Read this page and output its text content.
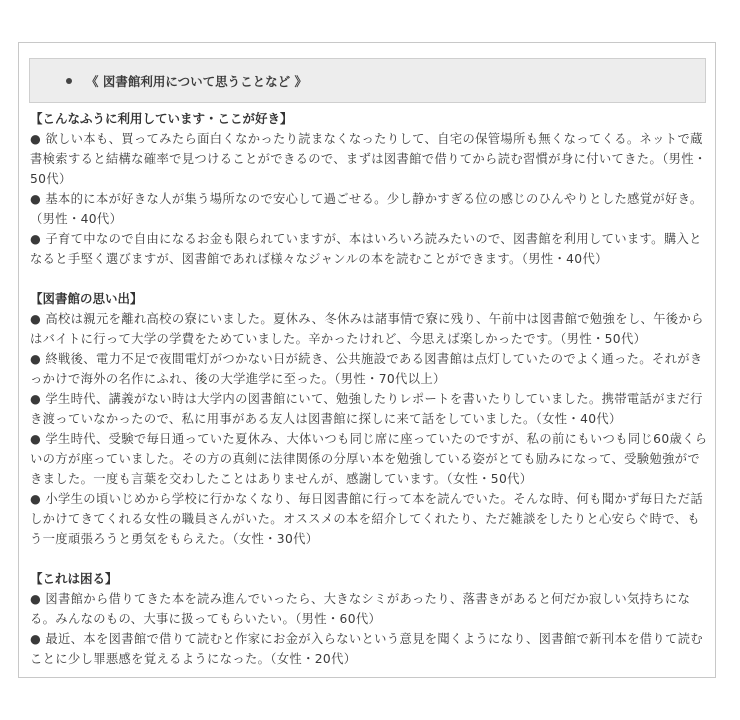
《 図書館利用について思うことなど 》
【こんなふうに利用しています・ここが好き】
● 欲しい本も、買ってみたら面白くなかったり読まなくなったりして、自宅の保管場所も無くなってくる。ネットで蔵書検索すると結構な確率で見つけることができるので、まずは図書館で借りてから読む習慣が身に付いてきた。（男性・50代）
● 基本的に本が好きな人が集う場所なので安心して過ごせる。少し静かすぎる位の感じのひんやりとした感覚が好き。（男性・40代）
● 子育て中なので自由になるお金も限られていますが、本はいろいろ読みたいので、図書館を利用しています。購入となると手堅く選びますが、図書館であれば様々なジャンルの本を読むことができます。（男性・40代）
【図書館の思い出】
● 高校は親元を離れ高校の寮にいました。夏休み、冬休みは諸事情で寮に残り、午前中は図書館で勉強をし、午後からはバイトに行って大学の学費をためていました。辛かったけれど、今思えば楽しかったです。（男性・50代）
● 終戦後、電力不足で夜間電灯がつかない日が続き、公共施設である図書館は点灯していたのでよく通った。それがきっかけで海外の名作にふれ、後の大学進学に至った。（男性・70代以上）
● 学生時代、講義がない時は大学内の図書館にいて、勉強したりレポートを書いたりしていました。携帯電話がまだ行き渡っていなかったので、私に用事がある友人は図書館に探しに来て話をしていました。（女性・40代）
● 学生時代、受験で毎日通っていた夏休み、大体いつも同じ席に座っていたのですが、私の前にもいつも同じ60歳くらいの方が座っていました。その方の真剣に法律関係の分厚い本を勉強している姿がとても励みになって、受験勉強ができました。一度も言葉を交わしたことはありませんが、感謝しています。（女性・50代）
● 小学生の頃いじめから学校に行かなくなり、毎日図書館に行って本を読んでいた。そんな時、何も聞かず毎日ただ話しかけてきてくれる女性の職員さんがいた。オススメの本を紹介してくれたり、ただ雑談をしたりと心安らぐ時で、もう一度頑張ろうと勇気をもらえた。（女性・30代）
【これは困る】
● 図書館から借りてきた本を読み進んでいったら、大きなシミがあったり、落書きがあると何だか寂しい気持ちになる。みんなのもの、大事に扱ってもらいたい。（男性・60代）
● 最近、本を図書館で借りて読むと作家にお金が入らないという意見を聞くようになり、図書館で新刊本を借りて読むことに少し罪悪感を覚えるようになった。（女性・20代）
